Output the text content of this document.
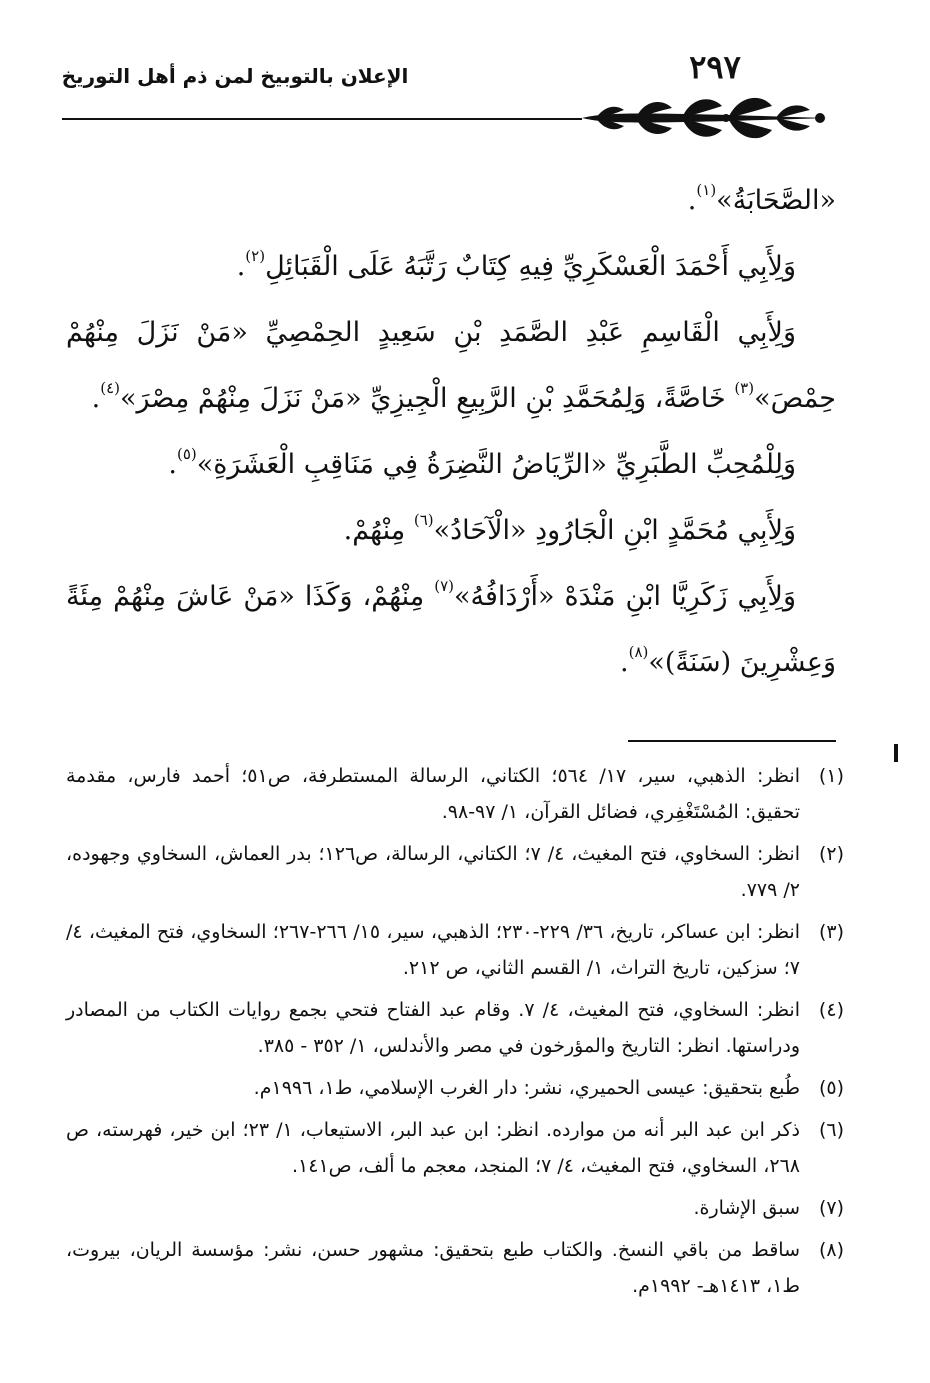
الإعلان بالتوبيخ لمن ذم أهل التوريخ	٢٩٧

«الصَّحَابَةُ»$^{(١)}$.

وَلِأَبِي أَحْمَدَ الْعَسْكَرِيِّ فِيهِ كِتَابٌ رَتَّبَهُ عَلَى الْقَبَائِلِ$^{(٢)}$.

وَلِأَبِي الْقَاسِمِ عَبْدِ الصَّمَدِ بْنِ سَعِيدٍ الحِمْصِيِّ «مَنْ نَزَلَ مِنْهُمْ حِمْصَ»$^{(٣)}$ خَاصَّةً، وَلِمُحَمَّدِ بْنِ الرَّبِيعِ الْجِيزِيِّ «مَنْ نَزَلَ مِنْهُمْ مِصْرَ»$^{(٤)}$.

وَلِلْمُحِبِّ الطَّبَرِيِّ «الرِّيَاضُ النَّضِرَةُ فِي مَنَاقِبِ الْعَشَرَةِ»$^{(٥)}$.

وَلِأَبِي مُحَمَّدٍ ابْنِ الْجَارُودِ «الْآحَادُ»$^{(٦)}$ مِنْهُمْ.

وَلِأَبِي زَكَرِيَّا ابْنِ مَنْدَهْ «أَرْدَافُهُ»$^{(٧)}$ مِنْهُمْ، وَكَذَا «مَنْ عَاشَ مِنْهُمْ مِئَةً وَعِشْرِينَ (سَنَةً)»$^{(٨)}$.

(١)انظر: الذهبي، سير، ١٧/ ٥٦٤؛ الكتاني، الرسالة المستطرفة، ص٥١؛ أحمد فارس، مقدمة تحقيق: المُسْتَغْفِري، فضائل القرآن، ١/ ٩٧-٩٨.

(٢)انظر: السخاوي، فتح المغيث، ٤/ ٧؛ الكتاني، الرسالة، ص١٢٦؛ بدر العماش، السخاوي وجهوده، ٢/ ٧٧٩.

(٣)انظر: ابن عساكر، تاريخ، ٣٦/ ٢٢٩-٢٣٠؛ الذهبي، سير، ١٥/ ٢٦٦-٢٦٧؛ السخاوي، فتح المغيث، ٤/ ٧؛ سزكين، تاريخ التراث، ١/ القسم الثاني، ص ٢١٢.

(٤)انظر: السخاوي، فتح المغيث، ٤/ ٧. وقام عبد الفتاح فتحي بجمع روايات الكتاب من المصادر ودراستها. انظر: التاريخ والمؤرخون في مصر والأندلس، ١/ ٣٥٢ - ٣٨٥.

(٥)طُبع بتحقيق: عيسى الحميري، نشر: دار الغرب الإسلامي، ط١، ١٩٩٦م.

(٦)ذكر ابن عبد البر أنه من موارده. انظر: ابن عبد البر، الاستيعاب، ١/ ٢٣؛ ابن خير، فهرسته، ص ٢٦٨، السخاوي، فتح المغيث، ٤/ ٧؛ المنجد، معجم ما ألف، ص١٤١.

(٧)سبق الإشارة.

(٨)ساقط من باقي النسخ. والكتاب طبع بتحقيق: مشهور حسن، نشر: مؤسسة الريان، بيروت، ط١، ١٤١٣هـ- ١٩٩٢م.
